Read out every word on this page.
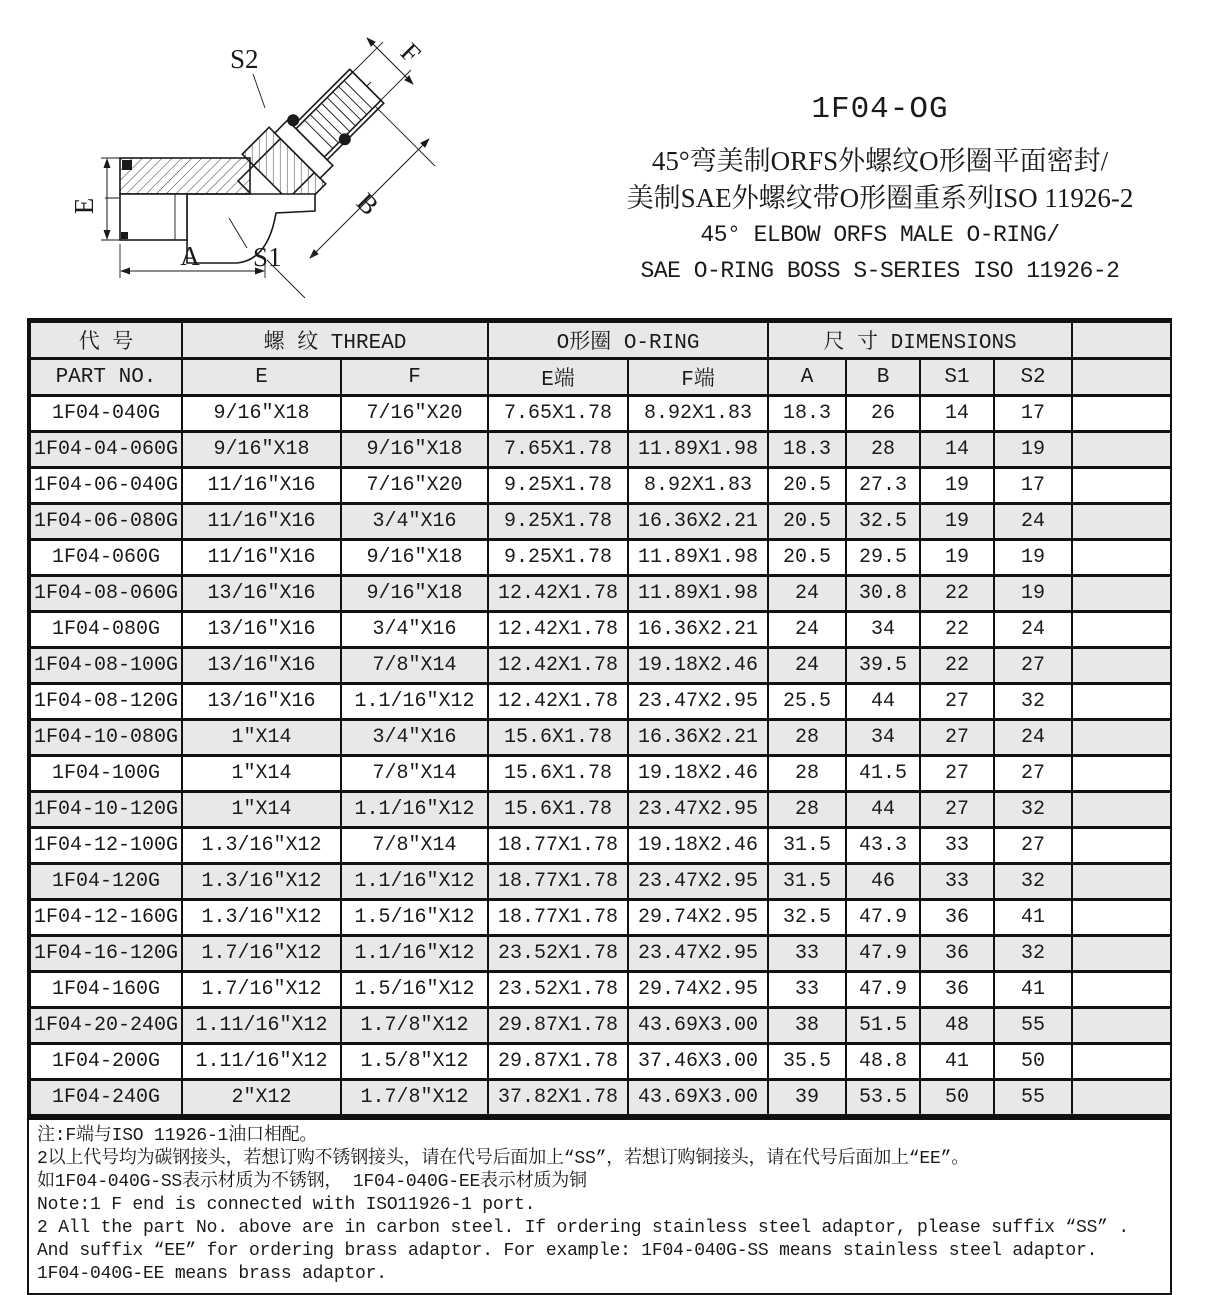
E
A S1
S2	F
B
1F04-OG
45°弯美制ORFS外螺纹O形圈平面密封/
美制SAE外螺纹带O形圈重系列ISO 11926-2
45° ELBOW ORFS MALE O-RING/
SAE O-RING BOSS S-SERIES ISO 11926-2
代 号	螺 纹 THREAD		O形圈 O-RING		尺 寸 DIMENSIONS				
PART NO.	E	F	E端	F端	A	B	S1	S2	
1F04-040G	9/16″X18	7/16″X20	7.65X1.78	8.92X1.83	18.3	26	14	17	
1F04-04-060G	9/16″X18	9/16″X18	7.65X1.78	11.89X1.98	18.3	28	14	19	
1F04-06-040G	11/16″X16	7/16″X20	9.25X1.78	8.92X1.83	20.5	27.3	19	17	
1F04-06-080G	11/16″X16	3/4″X16	9.25X1.78	16.36X2.21	20.5	32.5	19	24	
1F04-060G	11/16″X16	9/16″X18	9.25X1.78	11.89X1.98	20.5	29.5	19	19	
1F04-08-060G	13/16″X16	9/16″X18	12.42X1.78	11.89X1.98	24	30.8	22	19	
1F04-080G	13/16″X16	3/4″X16	12.42X1.78	16.36X2.21	24	34	22	24	
1F04-08-100G	13/16″X16	7/8″X14	12.42X1.78	19.18X2.46	24	39.5	22	27	
1F04-08-120G	13/16″X16	1.1/16″X12	12.42X1.78	23.47X2.95	25.5	44	27	32	
1F04-10-080G	1″X14	3/4″X16	15.6X1.78	16.36X2.21	28	34	27	24	
1F04-100G	1″X14	7/8″X14	15.6X1.78	19.18X2.46	28	41.5	27	27	
1F04-10-120G	1″X14	1.1/16″X12	15.6X1.78	23.47X2.95	28	44	27	32	
1F04-12-100G	1.3/16″X12	7/8″X14	18.77X1.78	19.18X2.46	31.5	43.3	33	27	
1F04-120G	1.3/16″X12	1.1/16″X12	18.77X1.78	23.47X2.95	31.5	46	33	32	
1F04-12-160G	1.3/16″X12	1.5/16″X12	18.77X1.78	29.74X2.95	32.5	47.9	36	41	
1F04-16-120G	1.7/16″X12	1.1/16″X12	23.52X1.78	23.47X2.95	33	47.9	36	32	
1F04-160G	1.7/16″X12	1.5/16″X12	23.52X1.78	29.74X2.95	33	47.9	36	41	
1F04-20-240G	1.11/16″X12	1.7/8″X12	29.87X1.78	43.69X3.00	38	51.5	48	55	
1F04-200G	1.11/16″X12	1.5/8″X12	29.87X1.78	37.46X3.00	35.5	48.8	41	50	
1F04-240G	2″X12	1.7/8″X12	37.82X1.78	43.69X3.00	39	53.5	50	55	
注:F端与ISO 11926-1油口相配。
2以上代号均为碳钢接头，若想订购不锈钢接头，请在代号后面加上“SS”，若想订购铜接头，请在代号后面加上“EE”。
如1F04-040G-SS表示材质为不锈钢， 1F04-040G-EE表示材质为铜
Note:1 F end is connected with ISO11926-1 port.
2 All the part No. above are in carbon steel. If ordering stainless steel adaptor, please suffix “SS” .
And suffix “EE” for ordering brass adaptor. For example: 1F04-040G-SS means stainless steel adaptor.
1F04-040G-EE means brass adaptor.
